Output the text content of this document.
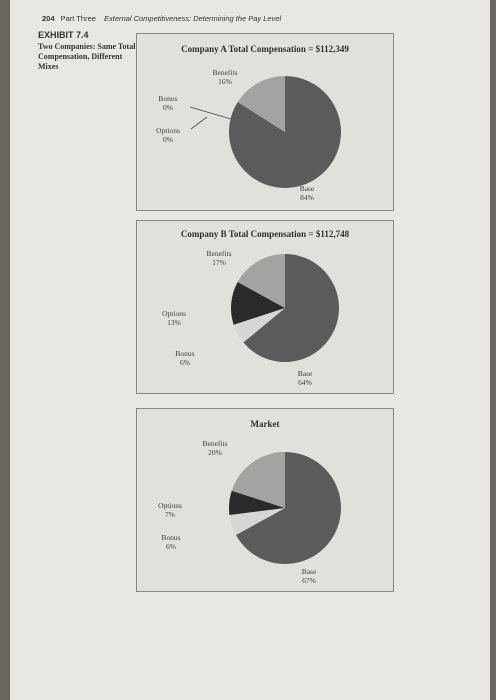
204 Part Three External Competitiveness: Determining the Pay Level
EXHIBIT 7.4
Two Companies: Same Total Compensation, Different Mixes
Company A Total Compensation = $112,349
Benefits
16%
Bonus
0%
Options
0%
Base
84%
Company B Total Compensation = $112,748
Benefits
17%
Options
13%
Bonus
6%
Base
64%
Market
Benefits
20%
Options
7%
Bonus
6%
Base
67%
